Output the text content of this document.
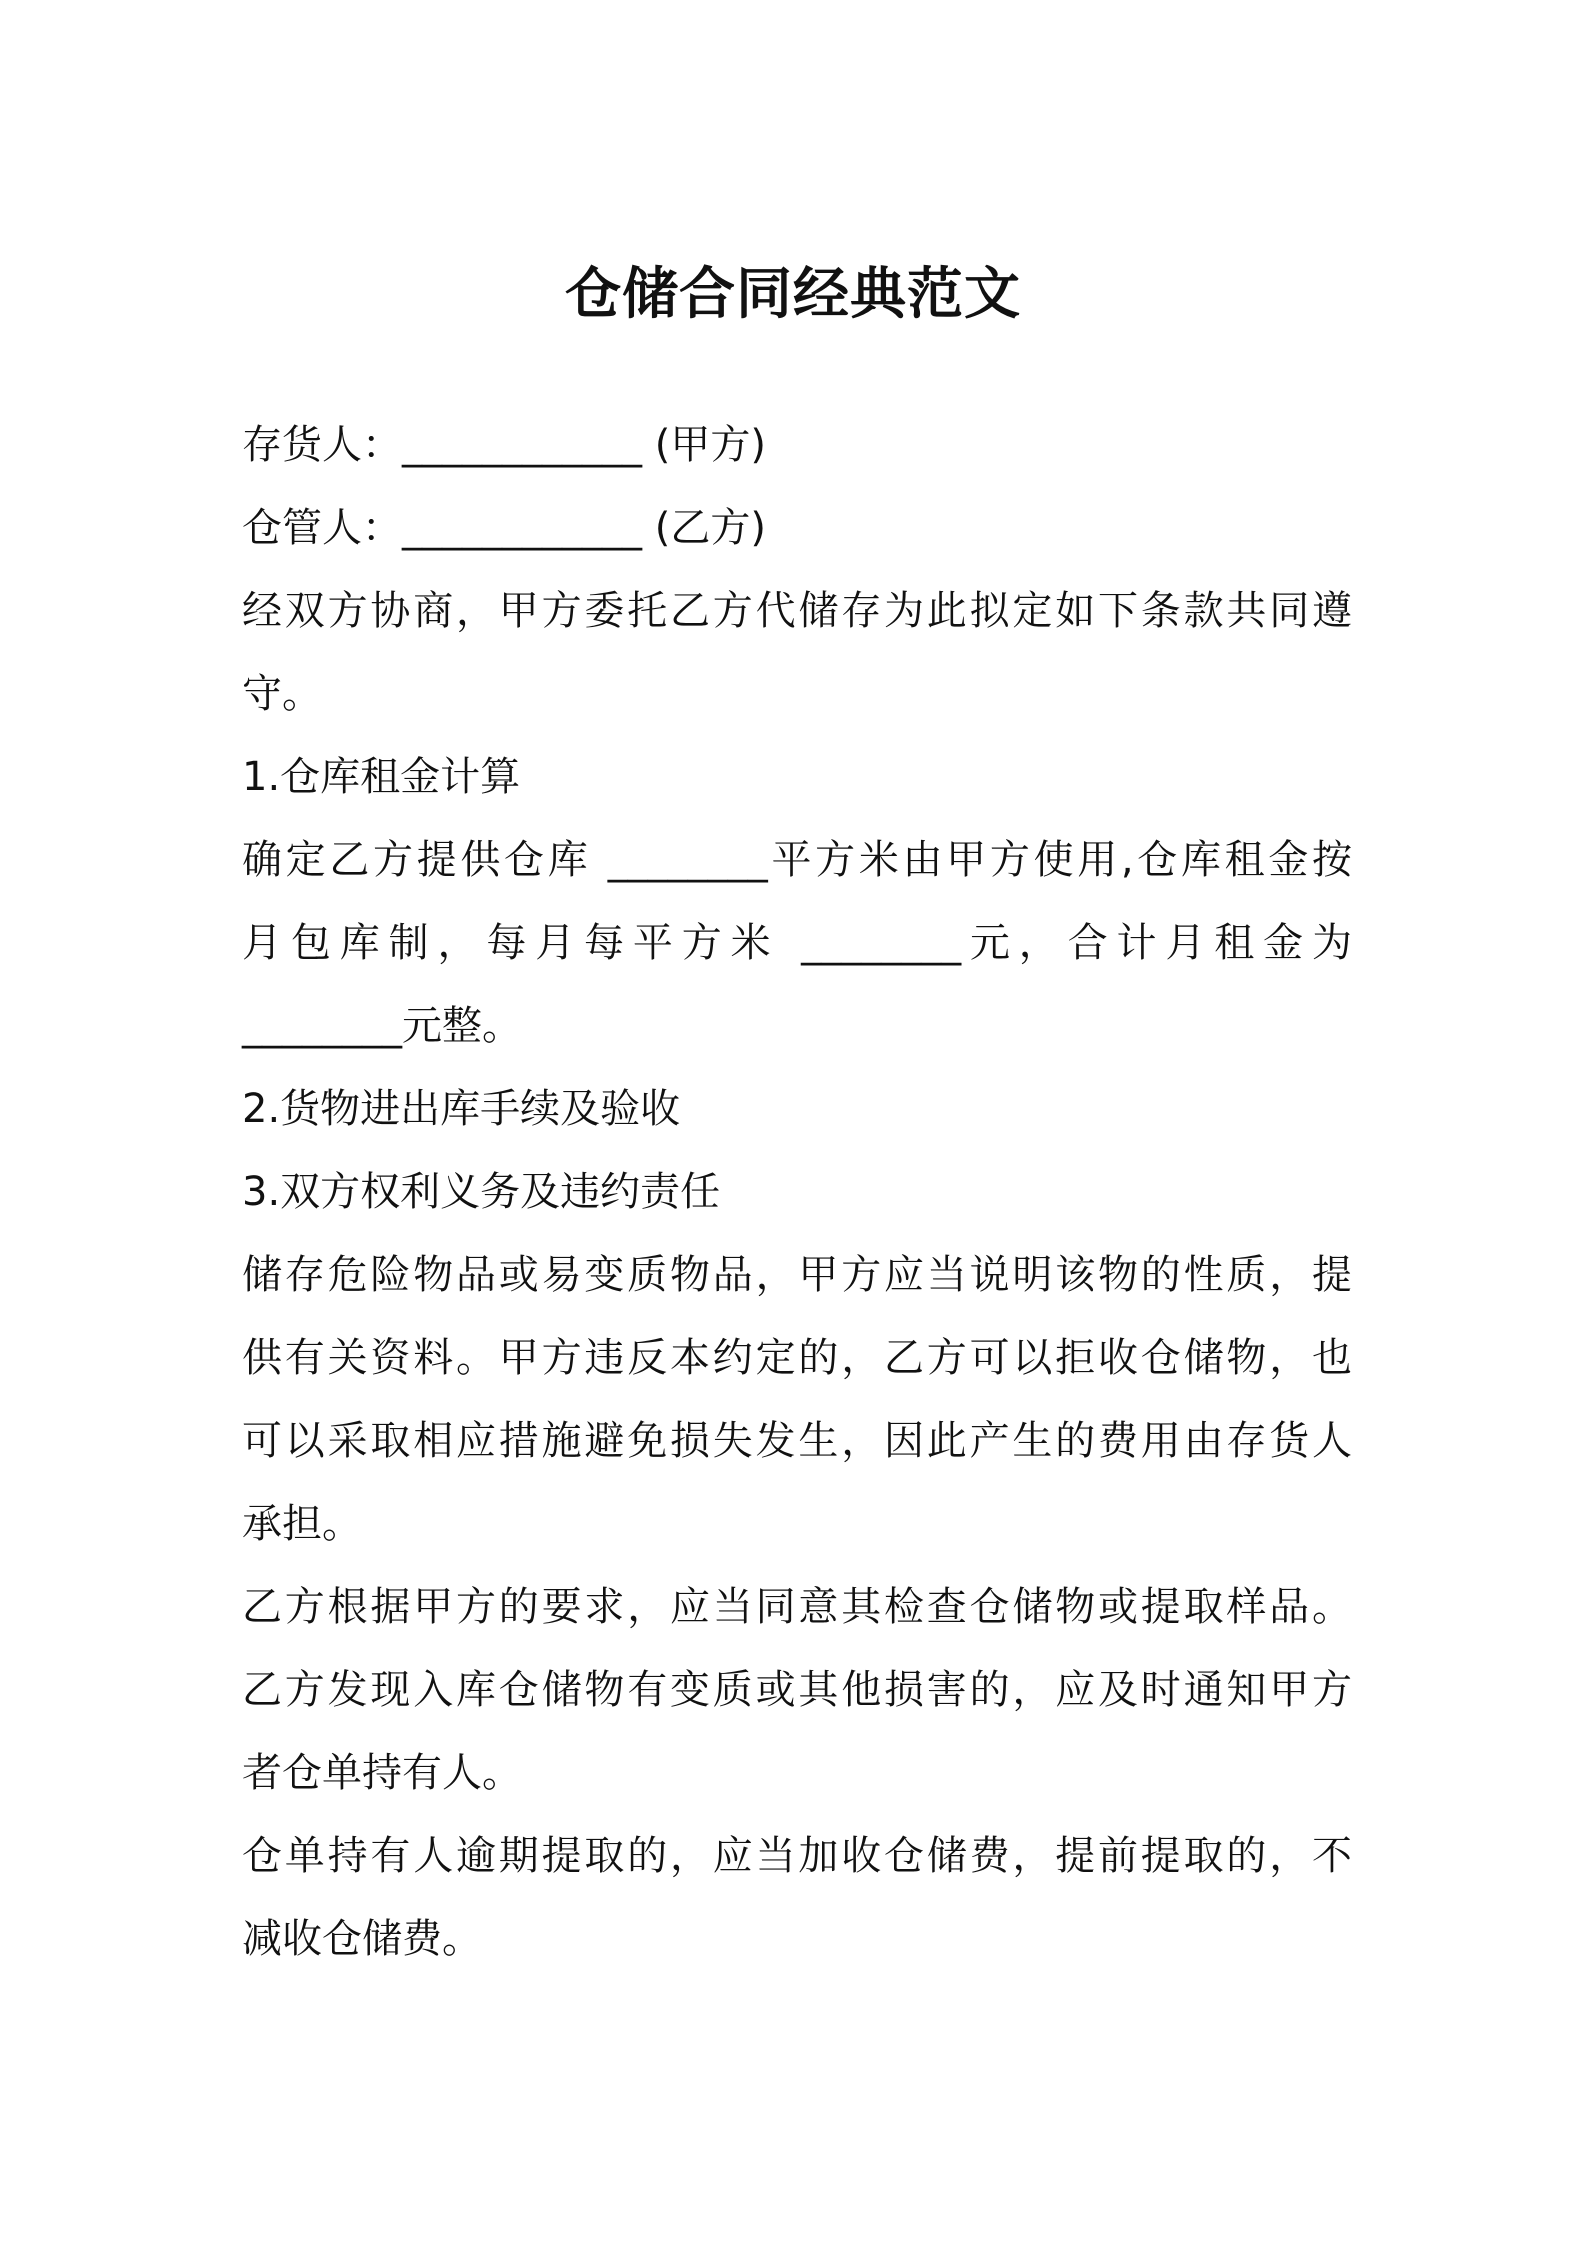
仓储合同经典范文
存货人：____________ (甲方)
仓管人：____________ (乙方)
经双方协商，甲方委托乙方代储存为此拟定如下条款共同遵
守。
1.仓库租金计算
确定乙方提供仓库 ________平方米由甲方使用,仓库租金按
月包库制，每月每平方米 ________元，合计月租金为
________元整。
2.货物进出库手续及验收
3.双方权利义务及违约责任
储存危险物品或易变质物品，甲方应当说明该物的性质，提
供有关资料。甲方违反本约定的，乙方可以拒收仓储物，也
可以采取相应措施避免损失发生，因此产生的费用由存货人
承担。
乙方根据甲方的要求，应当同意其检查仓储物或提取样品。
乙方发现入库仓储物有变质或其他损害的，应及时通知甲方
者仓单持有人。
仓单持有人逾期提取的，应当加收仓储费，提前提取的，不
减收仓储费。
